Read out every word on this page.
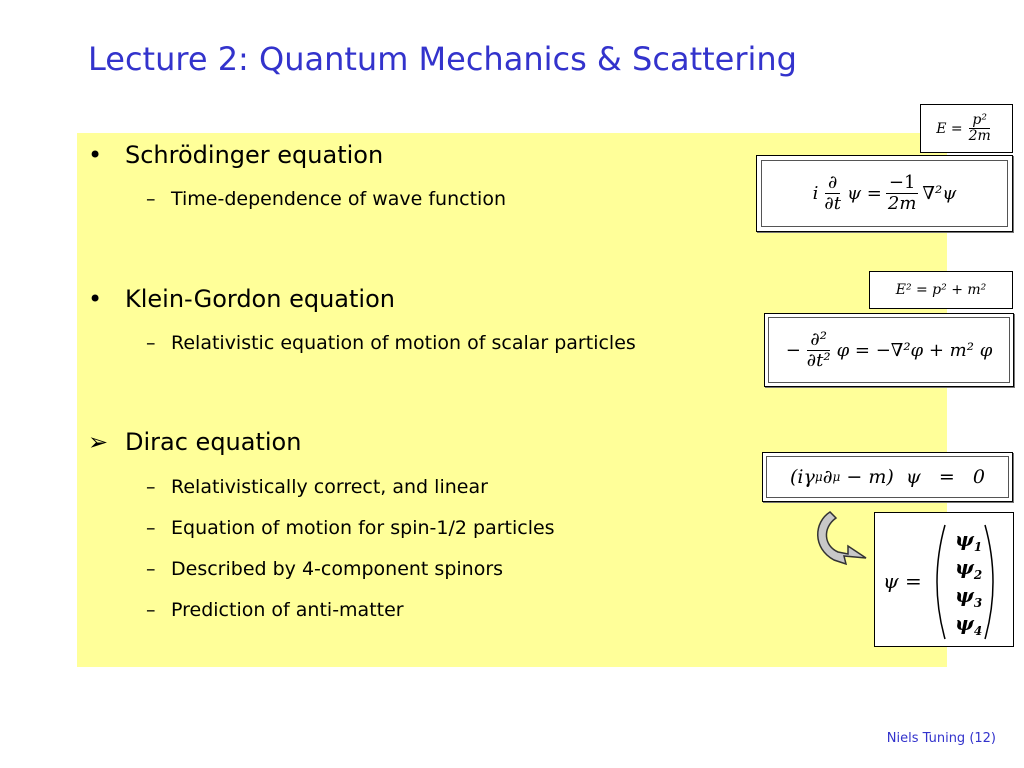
Lecture 2: Quantum Mechanics & Scattering
• Schrödinger equation
– Time-dependence of wave function
• Klein-Gordon equation
– Relativistic equation of motion of scalar particles
➢ Dirac equation
– Relativistically correct, and linear
– Equation of motion for spin-1/2 particles
– Described by 4-component spinors
– Prediction of anti-matter
$E = \frac{\text{p²}}{2m}$
i $\frac{\partial}{\partial t}$ $\psi = \frac{-1}{2m} \nabla^2\psi$
E² = p² + m²
− $\frac{\text{∂²}}{\text{∂t²}}$ φ = −∇²φ + m² φ
(iγ μ ∂ μ − m)  ψ   =   0
ψ =
$\psi_1$
$\psi_2$
$\psi_3$
$\psi_4$
Niels Tuning (12)
